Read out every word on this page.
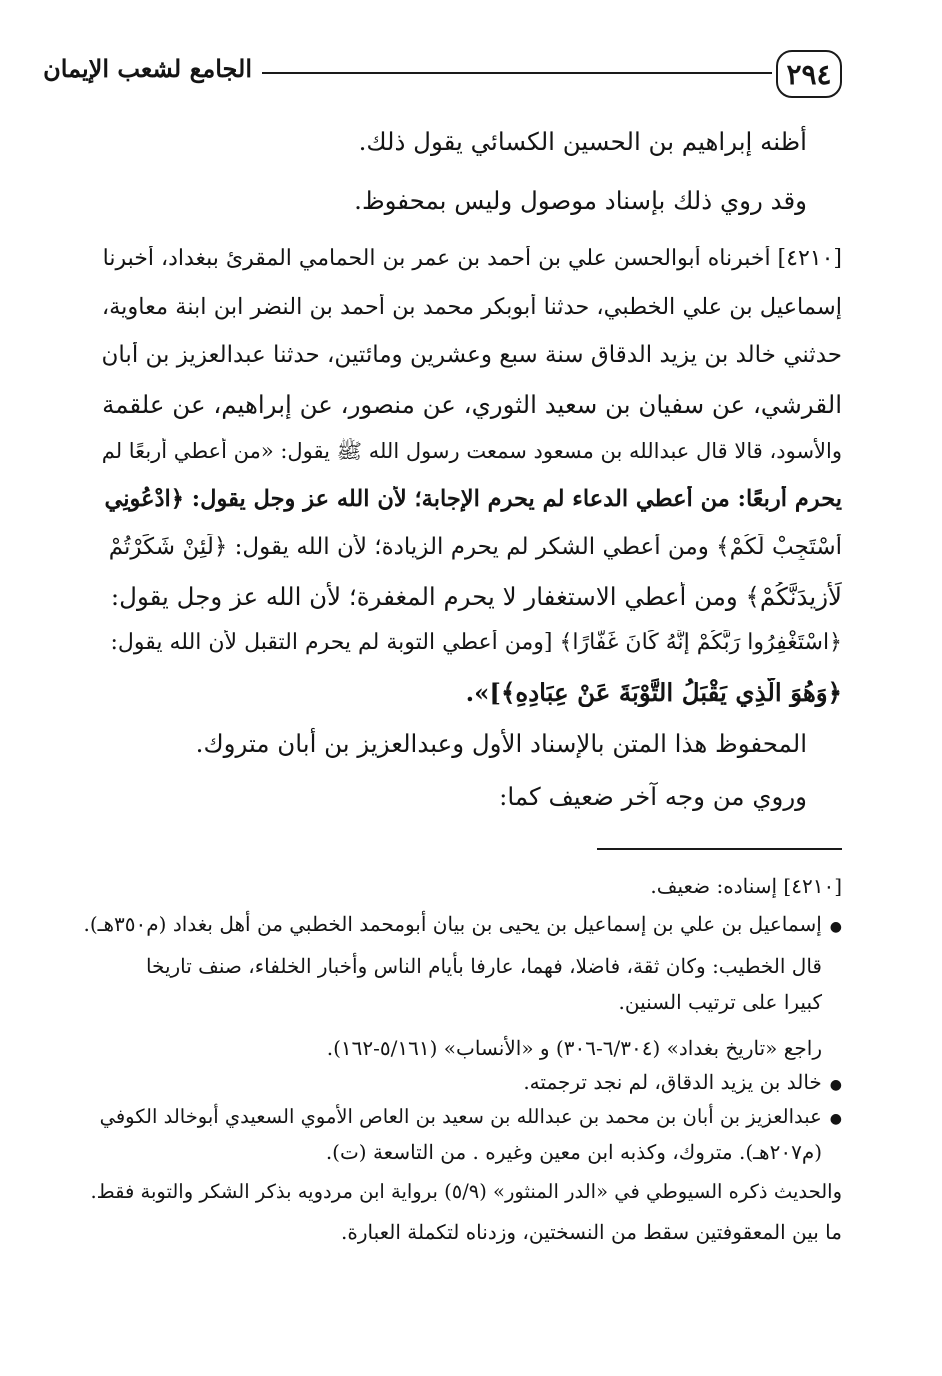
٢٩٤
الجامع لشعب الإيمان
أظنه إبراهيم بن الحسين الكسائي يقول ذلك.
وقد روي ذلك بإسناد موصول وليس بمحفوظ.
[٤٢١٠] أخبرناه أبوالحسن علي بن أحمد بن عمر بن الحمامي المقرئ ببغداد، أخبرنا
إسماعيل بن علي الخطبي، حدثنا أبوبكر محمد بن أحمد بن النضر ابن ابنة معاوية،
حدثني خالد بن يزيد الدقاق سنة سبع وعشرين ومائتين، حدثنا عبدالعزيز بن أبان
القرشي، عن سفيان بن سعيد الثوري، عن منصور، عن إبراهيم، عن علقمة
والأسود، قالا قال عبدالله بن مسعود سمعت رسول الله ﷺ يقول: «من أعطي أربعًا لم
يحرم أربعًا: من أعطي الدعاء لم يحرم الإجابة؛ لأن الله عز وجل يقول: ﴿ادْعُونِي
أَسْتَجِبْ لَكُمْ﴾ ومن أعطي الشكر لم يحرم الزيادة؛ لأن الله يقول: ﴿لَئِنْ شَكَرْتُمْ
لَأَزِيدَنَّكُمْ﴾ ومن أعطي الاستغفار لا يحرم المغفرة؛ لأن الله عز وجل يقول:
﴿اسْتَغْفِرُوا رَبَّكُمْ إِنَّهُ كَانَ غَفَّارًا﴾ [ومن أعطي التوبة لم يحرم التقبل لأن الله يقول:
﴿وَهُوَ الَّذِي يَقْبَلُ التَّوْبَةَ عَنْ عِبَادِهِ﴾]».
المحفوظ هذا المتن بالإسناد الأول وعبدالعزيز بن أبان متروك.
وروي من وجه آخر ضعيف كما:
[٤٢١٠] إسناده: ضعيف.
●إسماعيل بن علي بن إسماعيل بن يحيى بن بيان أبومحمد الخطبي من أهل بغداد (م٣٥٠هـ).
قال الخطيب: وكان ثقة، فاضلا، فهما، عارفا بأيام الناس وأخبار الخلفاء، صنف تاريخا
كبيرا على ترتيب السنين.
راجع «تاريخ بغداد» (٦/٣٠٤-٣٠٦) و «الأنساب» (٥/١٦١-١٦٢).
●خالد بن يزيد الدقاق، لم نجد ترجمته.
●عبدالعزيز بن أبان بن محمد بن عبدالله بن سعيد بن العاص الأموي السعيدي أبوخالد الكوفي
(م٢٠٧هـ). متروك، وكذبه ابن معين وغيره . من التاسعة (ت).
والحديث ذكره السيوطي في «الدر المنثور» (٥/٩) برواية ابن مردويه بذكر الشكر والتوبة فقط.
ما بين المعقوفتين سقط من النسختين، وزدناه لتكملة العبارة.
